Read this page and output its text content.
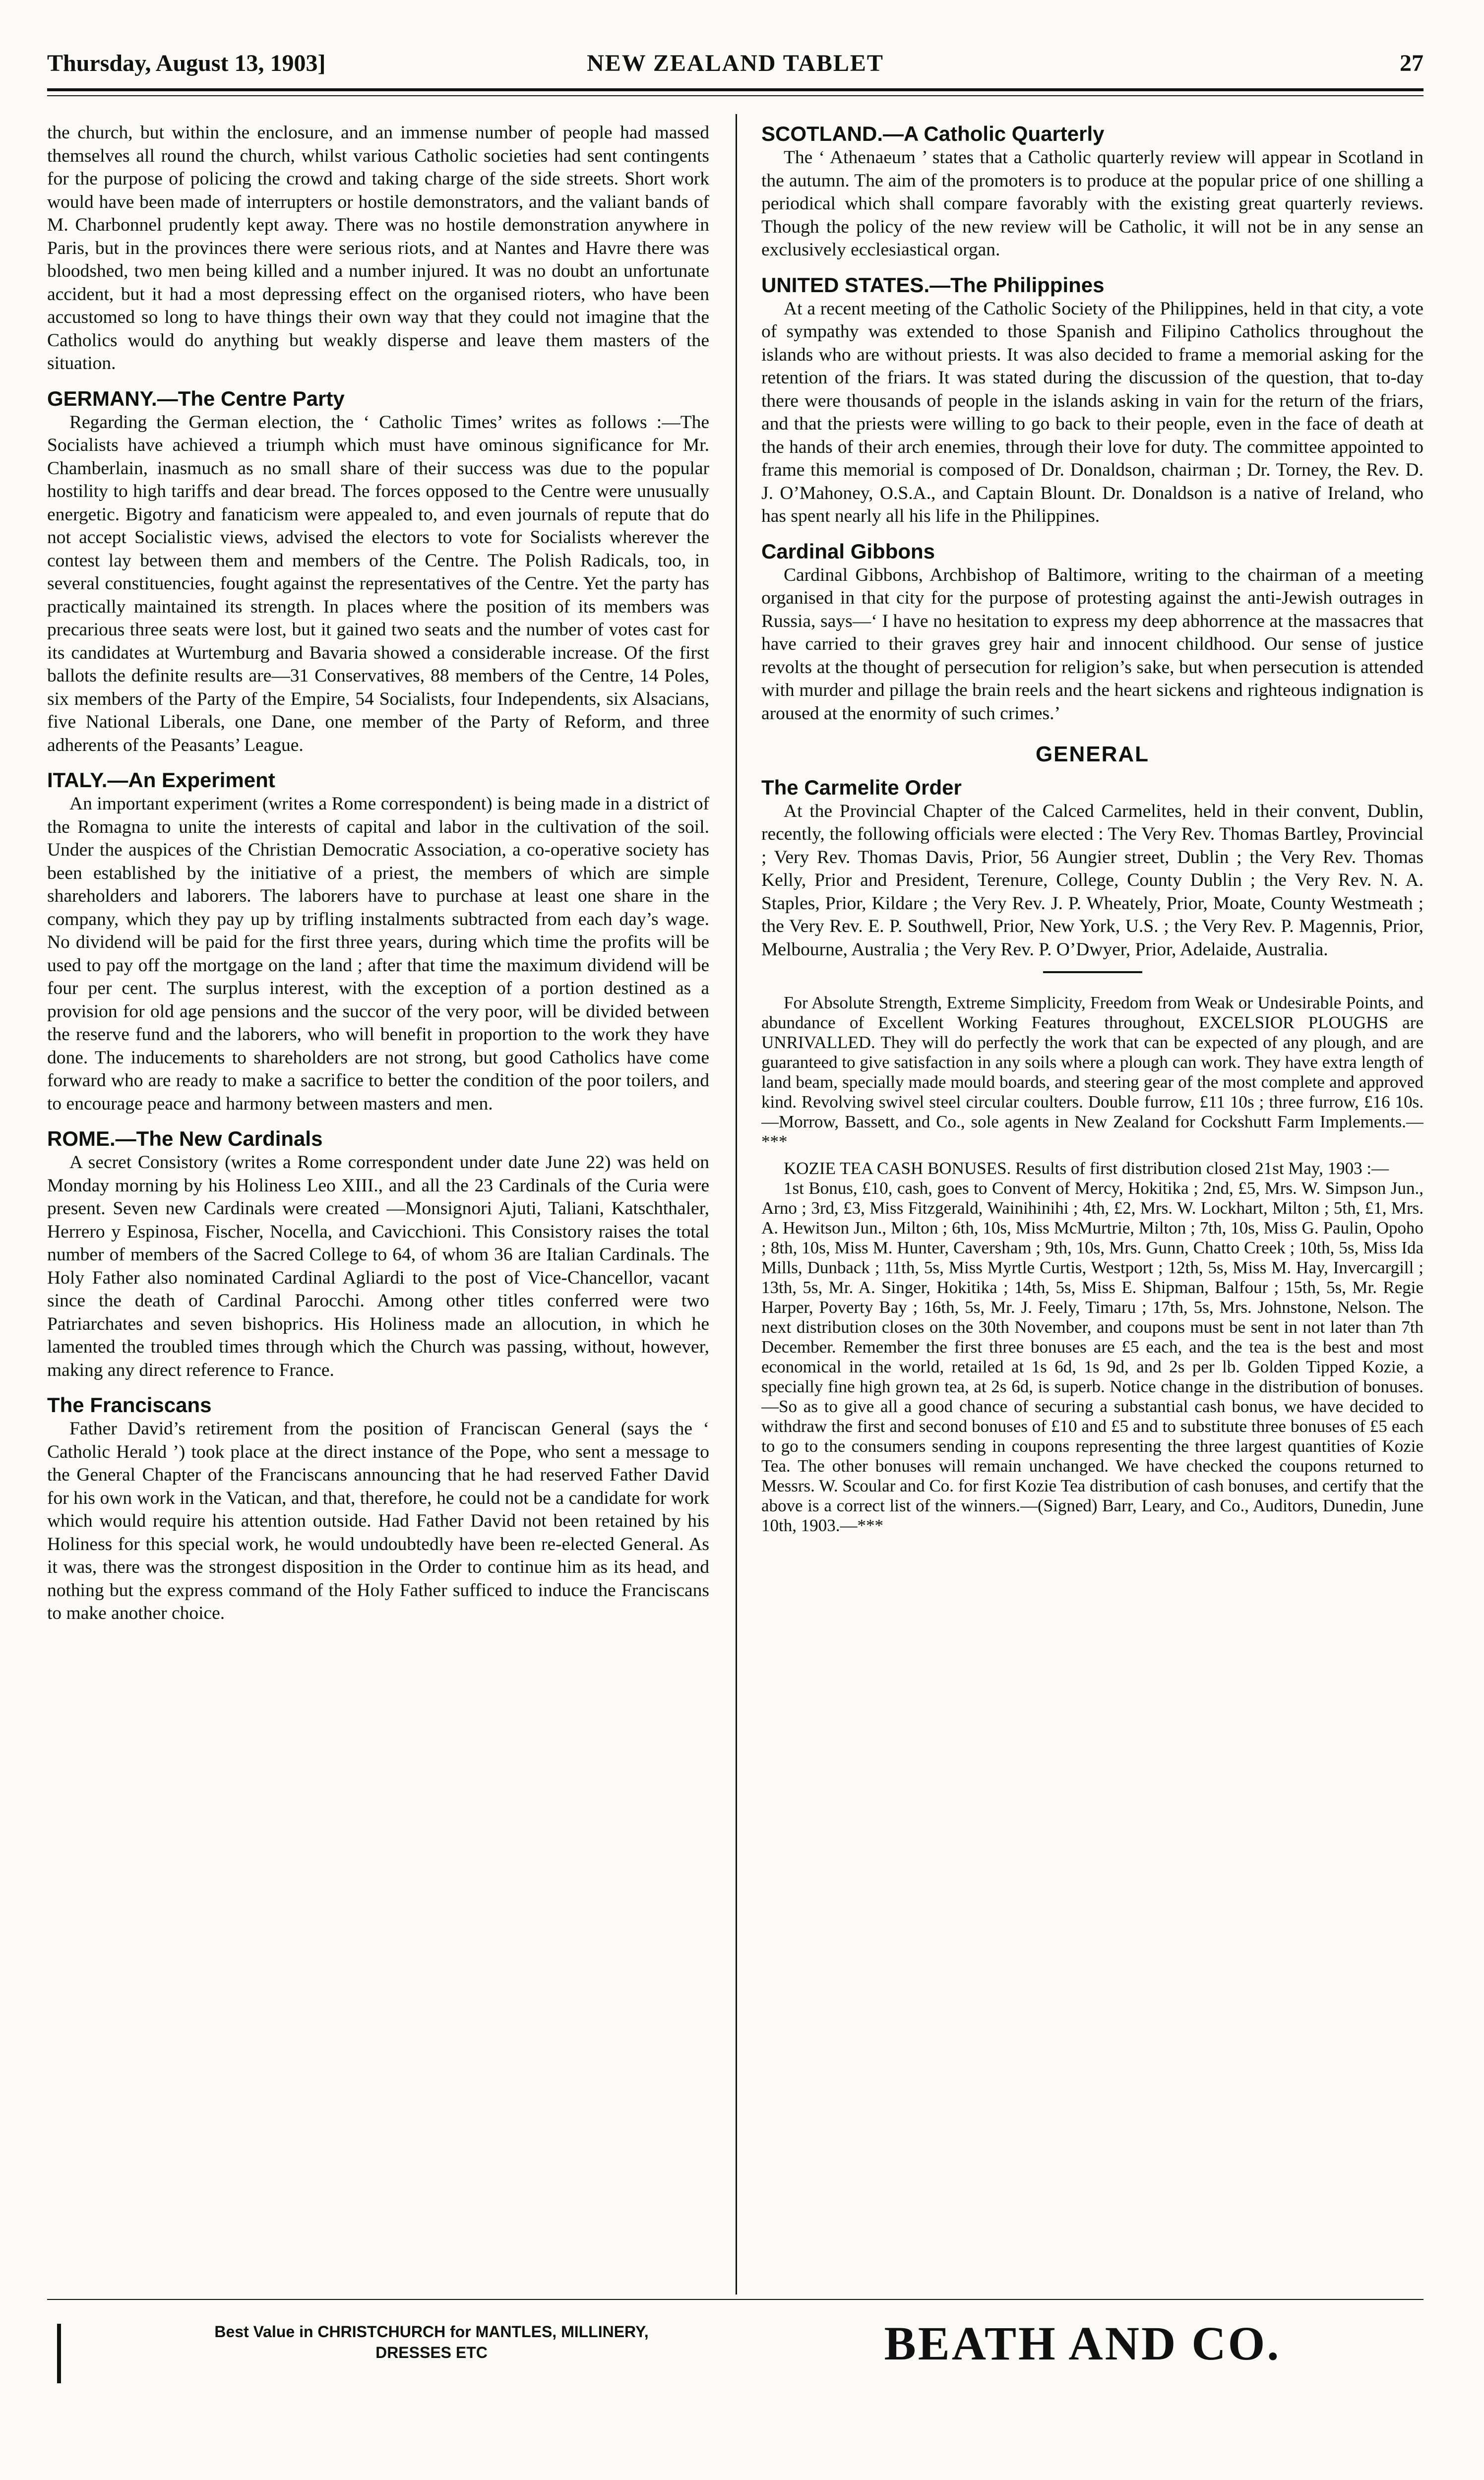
NEW ZEALAND TABLET
Thursday, August 13, 1903]	27

the church, but within the enclosure, and an immense number of people had massed themselves all round the church, whilst various Catholic societies had sent contingents for the purpose of policing the crowd and taking charge of the side streets. Short work would have been made of interrupters or hostile demonstrators, and the valiant bands of M. Charbonnel prudently kept away. There was no hostile demonstration anywhere in Paris, but in the provinces there were serious riots, and at Nantes and Havre there was bloodshed, two men being killed and a number injured. It was no doubt an unfortunate accident, but it had a most depressing effect on the organised rioters, who have been accustomed so long to have things their own way that they could not imagine that the Catholics would do anything but weakly disperse and leave them masters of the situation.

GERMANY.—The Centre Party

Regarding the German election, the ‘ Catholic Times’ writes as follows :—The Socialists have achieved a triumph which must have ominous significance for Mr. Chamberlain, inasmuch as no small share of their success was due to the popular hostility to high tariffs and dear bread. The forces opposed to the Centre were unusually energetic. Bigotry and fanaticism were appealed to, and even journals of repute that do not accept Socialistic views, advised the electors to vote for Socialists wherever the contest lay between them and members of the Centre. The Polish Radicals, too, in several constituencies, fought against the representatives of the Centre. Yet the party has practically maintained its strength. In places where the position of its members was precarious three seats were lost, but it gained two seats and the number of votes cast for its candidates at Wurtemburg and Bavaria showed a considerable increase. Of the first ballots the definite results are—31 Conservatives, 88 members of the Centre, 14 Poles, six members of the Party of the Empire, 54 Socialists, four Independents, six Alsacians, five National Liberals, one Dane, one member of the Party of Reform, and three adherents of the Peasants’ League.

ITALY.—An Experiment

An important experiment (writes a Rome correspondent) is being made in a district of the Romagna to unite the interests of capital and labor in the cultivation of the soil. Under the auspices of the Christian Democratic Association, a co-operative society has been established by the initiative of a priest, the members of which are simple shareholders and laborers. The laborers have to purchase at least one share in the company, which they pay up by trifling instalments subtracted from each day’s wage. No dividend will be paid for the first three years, during which time the profits will be used to pay off the mortgage on the land ; after that time the maximum dividend will be four per cent. The surplus interest, with the exception of a portion destined as a provision for old age pensions and the succor of the very poor, will be divided between the reserve fund and the laborers, who will benefit in proportion to the work they have done. The inducements to shareholders are not strong, but good Catholics have come forward who are ready to make a sacrifice to better the condition of the poor toilers, and to encourage peace and harmony between masters and men.

ROME.—The New Cardinals

A secret Consistory (writes a Rome correspondent under date June 22) was held on Monday morning by his Holiness Leo XIII., and all the 23 Cardinals of the Curia were present. Seven new Cardinals were created —Monsignori Ajuti, Taliani, Katschthaler, Herrero y Espinosa, Fischer, Nocella, and Cavicchioni. This Consistory raises the total number of members of the Sacred College to 64, of whom 36 are Italian Cardinals. The Holy Father also nominated Cardinal Agliardi to the post of Vice-Chancellor, vacant since the death of Cardinal Parocchi. Among other titles conferred were two Patriarchates and seven bishoprics. His Holiness made an allocution, in which he lamented the troubled times through which the Church was passing, without, however, making any direct reference to France.

The Franciscans

Father David’s retirement from the position of Franciscan General (says the ‘ Catholic Herald ’) took place at the direct instance of the Pope, who sent a message to the General Chapter of the Franciscans announcing that he had reserved Father David for his own work in the Vatican, and that, therefore, he could not be a candidate for work which would require his attention outside. Had Father David not been retained by his Holiness for this special work, he would undoubtedly have been re-elected General. As it was, there was the strongest disposition in the Order to continue him as its head, and nothing but the express command of the Holy Father sufficed to induce the Franciscans to make another choice.

SCOTLAND.—A Catholic Quarterly

The ‘ Athenaeum ’ states that a Catholic quarterly review will appear in Scotland in the autumn. The aim of the promoters is to produce at the popular price of one shilling a periodical which shall compare favorably with the existing great quarterly reviews. Though the policy of the new review will be Catholic, it will not be in any sense an exclusively ecclesiastical organ.

UNITED STATES.—The Philippines

At a recent meeting of the Catholic Society of the Philippines, held in that city, a vote of sympathy was extended to those Spanish and Filipino Catholics throughout the islands who are without priests. It was also decided to frame a memorial asking for the retention of the friars. It was stated during the discussion of the question, that to-day there were thousands of people in the islands asking in vain for the return of the friars, and that the priests were willing to go back to their people, even in the face of death at the hands of their arch enemies, through their love for duty. The committee appointed to frame this memorial is composed of Dr. Donaldson, chairman ; Dr. Torney, the Rev. D. J. O’Mahoney, O.S.A., and Captain Blount. Dr. Donaldson is a native of Ireland, who has spent nearly all his life in the Philippines.

Cardinal Gibbons

Cardinal Gibbons, Archbishop of Baltimore, writing to the chairman of a meeting organised in that city for the purpose of protesting against the anti-Jewish outrages in Russia, says—‘ I have no hesitation to express my deep abhorrence at the massacres that have carried to their graves grey hair and innocent childhood. Our sense of justice revolts at the thought of persecution for religion’s sake, but when persecution is attended with murder and pillage the brain reels and the heart sickens and righteous indignation is aroused at the enormity of such crimes.’

GENERAL
The Carmelite Order

At the Provincial Chapter of the Calced Carmelites, held in their convent, Dublin, recently, the following officials were elected : The Very Rev. Thomas Bartley, Provincial ; Very Rev. Thomas Davis, Prior, 56 Aungier street, Dublin ; the Very Rev. Thomas Kelly, Prior and President, Terenure, College, County Dublin ; the Very Rev. N. A. Staples, Prior, Kildare ; the Very Rev. J. P. Wheately, Prior, Moate, County Westmeath ; the Very Rev. E. P. Southwell, Prior, New York, U.S. ; the Very Rev. P. Magennis, Prior, Melbourne, Australia ; the Very Rev. P. O’Dwyer, Prior, Adelaide, Australia.

For Absolute Strength, Extreme Simplicity, Freedom from Weak or Undesirable Points, and abundance of Excellent Working Features throughout, EXCELSIOR PLOUGHS are UNRIVALLED. They will do perfectly the work that can be expected of any plough, and are guaranteed to give satisfaction in any soils where a plough can work. They have extra length of land beam, specially made mould boards, and steering gear of the most complete and approved kind. Revolving swivel steel circular coulters. Double furrow, £11 10s ; three furrow, £16 10s.—Morrow, Bassett, and Co., sole agents in New Zealand for Cockshutt Farm Implements.—***

KOZIE TEA CASH BONUSES. Results of first distribution closed 21st May, 1903 :—

1st Bonus, £10, cash, goes to Convent of Mercy, Hokitika ; 2nd, £5, Mrs. W. Simpson Jun., Arno ; 3rd, £3, Miss Fitzgerald, Wainihinihi ; 4th, £2, Mrs. W. Lockhart, Milton ; 5th, £1, Mrs. A. Hewitson Jun., Milton ; 6th, 10s, Miss McMurtrie, Milton ; 7th, 10s, Miss G. Paulin, Opoho ; 8th, 10s, Miss M. Hunter, Caversham ; 9th, 10s, Mrs. Gunn, Chatto Creek ; 10th, 5s, Miss Ida Mills, Dunback ; 11th, 5s, Miss Myrtle Curtis, Westport ; 12th, 5s, Miss M. Hay, Invercargill ; 13th, 5s, Mr. A. Singer, Hokitika ; 14th, 5s, Miss E. Shipman, Balfour ; 15th, 5s, Mr. Regie Harper, Poverty Bay ; 16th, 5s, Mr. J. Feely, Timaru ; 17th, 5s, Mrs. Johnstone, Nelson. The next distribution closes on the 30th November, and coupons must be sent in not later than 7th December. Remember the first three bonuses are £5 each, and the tea is the best and most economical in the world, retailed at 1s 6d, 1s 9d, and 2s per lb. Golden Tipped Kozie, a specially fine high grown tea, at 2s 6d, is superb. Notice change in the distribution of bonuses.—So as to give all a good chance of securing a substantial cash bonus, we have decided to withdraw the first and second bonuses of £10 and £5 and to substitute three bonuses of £5 each to go to the consumers sending in coupons representing the three largest quantities of Kozie Tea. The other bonuses will remain unchanged. We have checked the coupons returned to Messrs. W. Scoular and Co. for first Kozie Tea distribution of cash bonuses, and certify that the above is a correct list of the winners.—(Signed) Barr, Leary, and Co., Auditors, Dunedin, June 10th, 1903.—***

Best Value in CHRISTCHURCH for MANTLES, MILLINERY,
DRESSES ETC	BEATH AND CO.
